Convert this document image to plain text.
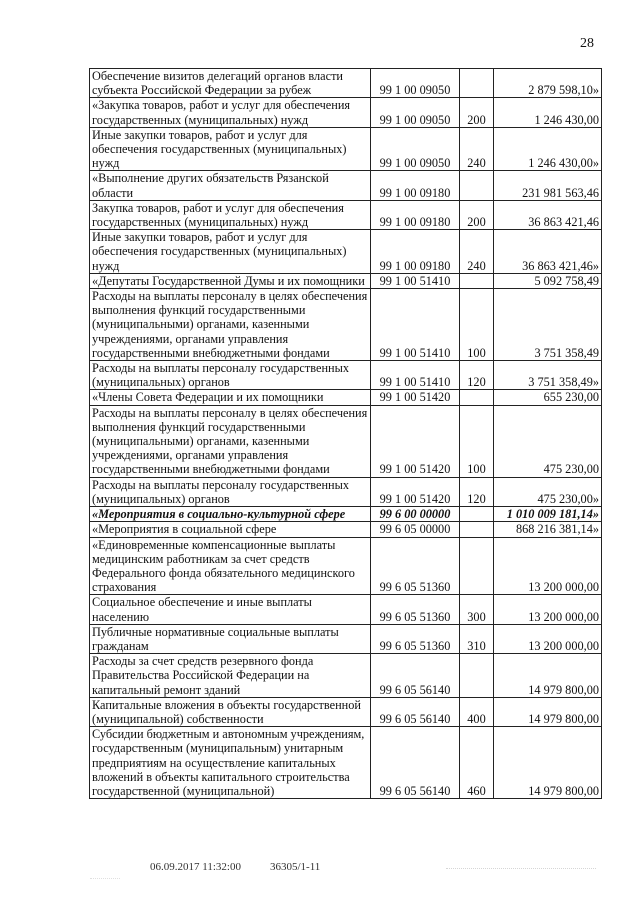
28
Обеспечение визитов делегаций органов власти субъекта Российской Федерации за рубеж	99 1 00 09050		2 879 598,10»
«Закупка товаров, работ и услуг для обеспечения государственных (муниципальных) нужд	99 1 00 09050	200	1 246 430,00
Иные закупки товаров, работ и услуг для обеспечения государственных (муниципальных) нужд	99 1 00 09050	240	1 246 430,00»
«Выполнение других обязательств Рязанской области	99 1 00 09180		231 981 563,46
Закупка товаров, работ и услуг для обеспечения государственных (муниципальных) нужд	99 1 00 09180	200	36 863 421,46
Иные закупки товаров, работ и услуг для обеспечения государственных (муниципальных) нужд	99 1 00 09180	240	36 863 421,46»
«Депутаты Государственной Думы и их помощники	99 1 00 51410		5 092 758,49
Расходы на выплаты персоналу в целях обеспечения выполнения функций государственными (муниципальными) органами, казенными учреждениями, органами управления государственными внебюджетными фондами	99 1 00 51410	100	3 751 358,49
Расходы на выплаты персоналу государственных (муниципальных) органов	99 1 00 51410	120	3 751 358,49»
«Члены Совета Федерации и их помощники	99 1 00 51420		655 230,00
Расходы на выплаты персоналу в целях обеспечения выполнения функций государственными (муниципальными) органами, казенными учреждениями, органами управления государственными внебюджетными фондами	99 1 00 51420	100	475 230,00
Расходы на выплаты персоналу государственных (муниципальных) органов	99 1 00 51420	120	475 230,00»
«Мероприятия в социально-культурной сфере	99 6 00 00000		1 010 009 181,14»
«Мероприятия в социальной сфере	99 6 05 00000		868 216 381,14»
«Единовременные компенсационные выплаты медицинским работникам за счет средств Федерального фонда обязательного медицинского страхования	99 6 05 51360		13 200 000,00
Социальное обеспечение и иные выплаты населению	99 6 05 51360	300	13 200 000,00
Публичные нормативные социальные выплаты гражданам	99 6 05 51360	310	13 200 000,00
Расходы за счет средств резервного фонда Правительства Российской Федерации на капитальный ремонт зданий	99 6 05 56140		14 979 800,00
Капитальные вложения в объекты государственной (муниципальной) собственности	99 6 05 56140	400	14 979 800,00
Субсидии бюджетным и автономным учреждениям, государственным (муниципальным) унитарным предприятиям на осуществление капитальных вложений в объекты капитального строительства государственной (муниципальной)	99 6 05 56140	460	14 979 800,00
06.09.2017 11:32:00	36305/1-11
